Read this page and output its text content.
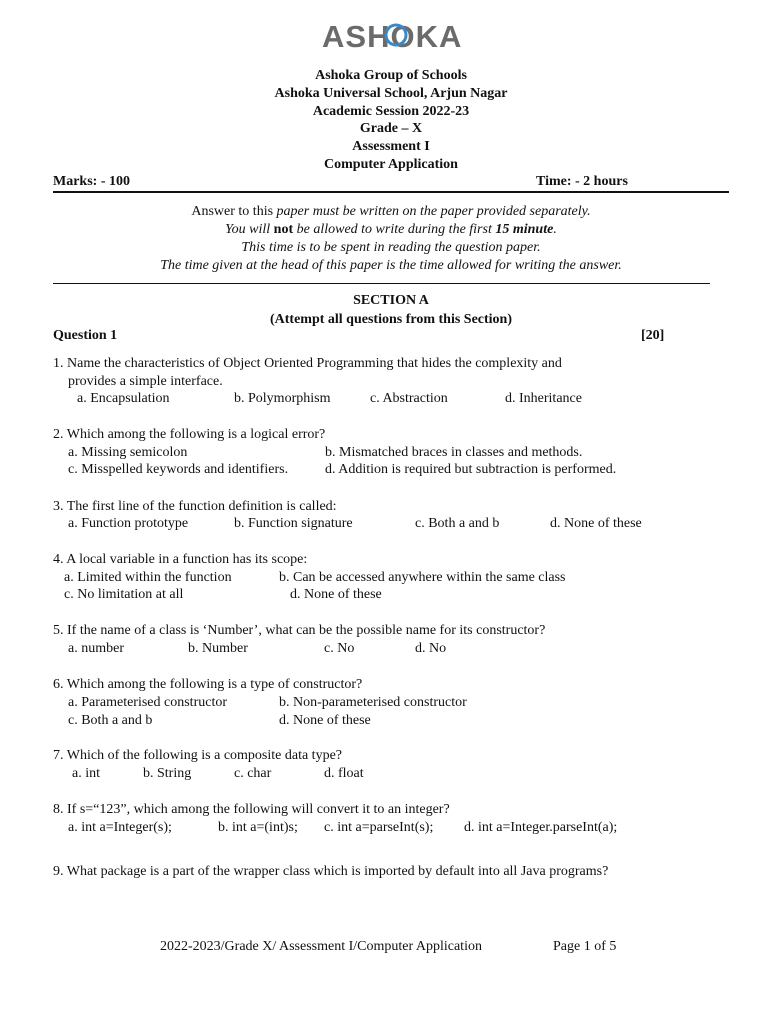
ASHOKA
Ashoka Group of Schools
Ashoka Universal School, Arjun Nagar
Academic Session 2022-23
Grade – X
Assessment I
Computer Application
Marks: - 100	Time: - 2 hours
Answer to this paper must be written on the paper provided separately.
You will not be allowed to write during the first 15 minute.
This time is to be spent in reading the question paper.
The time given at the head of this paper is the time allowed for writing the answer.
SECTION A
(Attempt all questions from this Section)
Question 1	[20]
1. Name the characteristics of Object Oriented Programming that hides the complexity and
provides a simple interface.
a. Encapsulation	b. Polymorphism	c. Abstraction	d. Inheritance
2. Which among the following is a logical error?
a. Missing semicolon	b. Mismatched braces in classes and methods.
c. Misspelled keywords and identifiers.	d. Addition is required but subtraction is performed.
3. The first line of the function definition is called:
a. Function prototype	b. Function signature	c. Both a and b	d. None of these
4. A local variable in a function has its scope:
a. Limited within the function	b. Can be accessed anywhere within the same class
c. No limitation at all	d. None of these
5. If the name of a class is ‘Number’, what can be the possible name for its constructor?
a. number	b. Number	c. No	d. No
6. Which among the following is a type of constructor?
a. Parameterised constructor	b. Non-parameterised constructor
c. Both a and b	d. None of these
7. Which of the following is a composite data type?
a. int	b. String	c. char	d. float
8. If s=“123”, which among the following will convert it to an integer?
a. int a=Integer(s);	b. int a=(int)s; c. int a=parseInt(s); d. int a=Integer.parseInt(a);
9. What package is a part of the wrapper class which is imported by default into all Java programs?
2022-2023/Grade X/ Assessment I/Computer Application	Page 1 of 5
